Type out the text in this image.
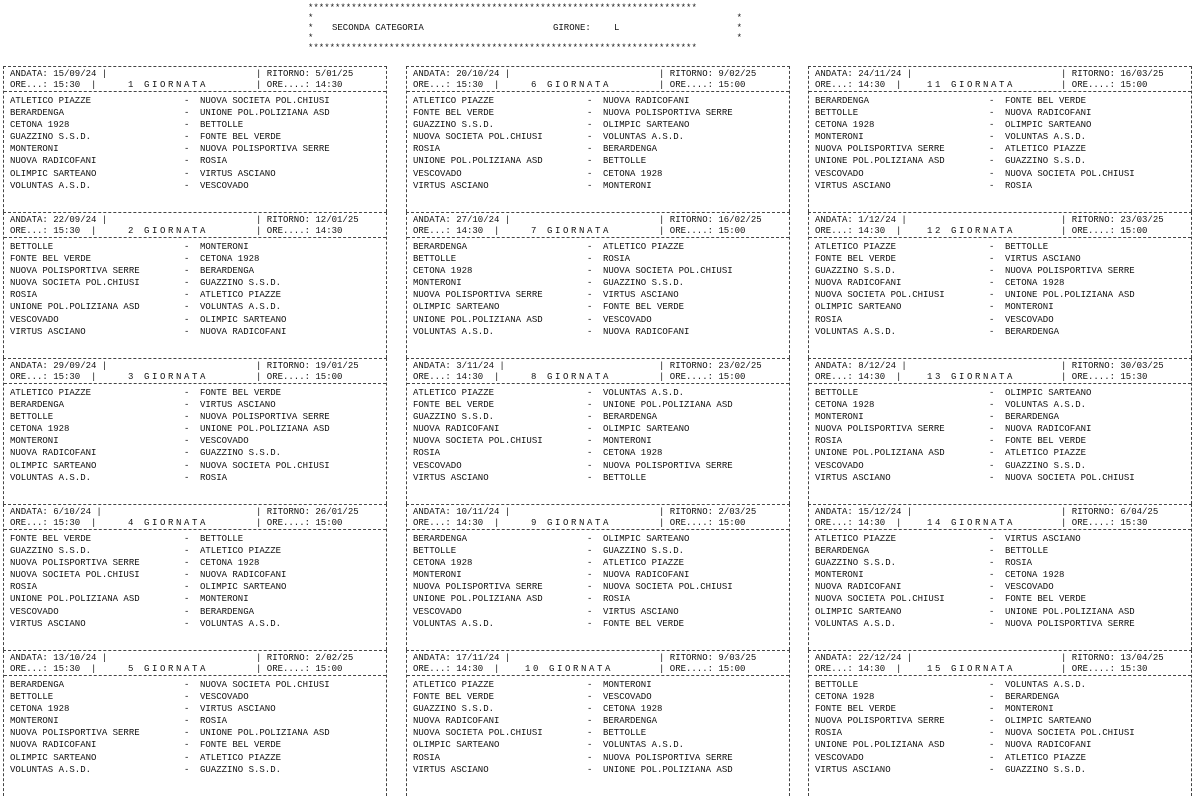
************************************************************************
*	*
* SECONDA CATEGORIA	GIRONE:	L	*
*	*
************************************************************************
ANDATA: 15/09/24 |	| RITORNO: 5/01/25
ORE...: 15:30  |	1 GIORNATA	| ORE....: 14:30
ATLETICO PIAZZE	- NUOVA SOCIETA POL.CHIUSI
BERARDENGA	- UNIONE POL.POLIZIANA ASD
CETONA 1928	- BETTOLLE
GUAZZINO S.S.D.	- FONTE BEL VERDE
MONTERONI	- NUOVA POLISPORTIVA SERRE
NUOVA RADICOFANI	- ROSIA
OLIMPIC SARTEANO	- VIRTUS ASCIANO
VOLUNTAS A.S.D.	- VESCOVADO
ANDATA: 22/09/24 |	| RITORNO: 12/01/25
ORE...: 15:30  |	2 GIORNATA	| ORE....: 14:30
BETTOLLE	- MONTERONI
FONTE BEL VERDE	- CETONA 1928
NUOVA POLISPORTIVA SERRE	- BERARDENGA
NUOVA SOCIETA POL.CHIUSI	- GUAZZINO S.S.D.
ROSIA	- ATLETICO PIAZZE
UNIONE POL.POLIZIANA ASD	- VOLUNTAS A.S.D.
VESCOVADO	- OLIMPIC SARTEANO
VIRTUS ASCIANO	- NUOVA RADICOFANI
ANDATA: 29/09/24 |	| RITORNO: 19/01/25
ORE...: 15:30  |	3 GIORNATA	| ORE....: 15:00
ATLETICO PIAZZE	- FONTE BEL VERDE
BERARDENGA	- VIRTUS ASCIANO
BETTOLLE	- NUOVA POLISPORTIVA SERRE
CETONA 1928	- UNIONE POL.POLIZIANA ASD
MONTERONI	- VESCOVADO
NUOVA RADICOFANI	- GUAZZINO S.S.D.
OLIMPIC SARTEANO	- NUOVA SOCIETA POL.CHIUSI
VOLUNTAS A.S.D.	- ROSIA
ANDATA: 6/10/24 |	| RITORNO: 26/01/25
ORE...: 15:30  |	4 GIORNATA	| ORE....: 15:00
FONTE BEL VERDE	- BETTOLLE
GUAZZINO S.S.D.	- ATLETICO PIAZZE
NUOVA POLISPORTIVA SERRE	- CETONA 1928
NUOVA SOCIETA POL.CHIUSI	- NUOVA RADICOFANI
ROSIA	- OLIMPIC SARTEANO
UNIONE POL.POLIZIANA ASD	- MONTERONI
VESCOVADO	- BERARDENGA
VIRTUS ASCIANO	- VOLUNTAS A.S.D.
ANDATA: 13/10/24 |	| RITORNO: 2/02/25
ORE...: 15:30  |	5 GIORNATA	| ORE....: 15:00
BERARDENGA	- NUOVA SOCIETA POL.CHIUSI
BETTOLLE	- VESCOVADO
CETONA 1928	- VIRTUS ASCIANO
MONTERONI	- ROSIA
NUOVA POLISPORTIVA SERRE	- UNIONE POL.POLIZIANA ASD
NUOVA RADICOFANI	- FONTE BEL VERDE
OLIMPIC SARTEANO	- ATLETICO PIAZZE
VOLUNTAS A.S.D.	- GUAZZINO S.S.D.
ANDATA: 20/10/24 |	| RITORNO: 9/02/25
ORE...: 15:30  |	6 GIORNATA	| ORE....: 15:00
ATLETICO PIAZZE	- NUOVA RADICOFANI
FONTE BEL VERDE	- NUOVA POLISPORTIVA SERRE
GUAZZINO S.S.D.	- OLIMPIC SARTEANO
NUOVA SOCIETA POL.CHIUSI	- VOLUNTAS A.S.D.
ROSIA	- BERARDENGA
UNIONE POL.POLIZIANA ASD	- BETTOLLE
VESCOVADO	- CETONA 1928
VIRTUS ASCIANO	- MONTERONI
ANDATA: 27/10/24 |	| RITORNO: 16/02/25
ORE...: 14:30  |	7 GIORNATA	| ORE....: 15:00
BERARDENGA	- ATLETICO PIAZZE
BETTOLLE	- ROSIA
CETONA 1928	- NUOVA SOCIETA POL.CHIUSI
MONTERONI	- GUAZZINO S.S.D.
NUOVA POLISPORTIVA SERRE	- VIRTUS ASCIANO
OLIMPIC SARTEANO	- FONTE BEL VERDE
UNIONE POL.POLIZIANA ASD	- VESCOVADO
VOLUNTAS A.S.D.	- NUOVA RADICOFANI
ANDATA: 3/11/24 |	| RITORNO: 23/02/25
ORE...: 14:30  |	8 GIORNATA	| ORE....: 15:00
ATLETICO PIAZZE	- VOLUNTAS A.S.D.
FONTE BEL VERDE	- UNIONE POL.POLIZIANA ASD
GUAZZINO S.S.D.	- BERARDENGA
NUOVA RADICOFANI	- OLIMPIC SARTEANO
NUOVA SOCIETA POL.CHIUSI	- MONTERONI
ROSIA	- CETONA 1928
VESCOVADO	- NUOVA POLISPORTIVA SERRE
VIRTUS ASCIANO	- BETTOLLE
ANDATA: 10/11/24 |	| RITORNO: 2/03/25
ORE...: 14:30  |	9 GIORNATA	| ORE....: 15:00
BERARDENGA	- OLIMPIC SARTEANO
BETTOLLE	- GUAZZINO S.S.D.
CETONA 1928	- ATLETICO PIAZZE
MONTERONI	- NUOVA RADICOFANI
NUOVA POLISPORTIVA SERRE	- NUOVA SOCIETA POL.CHIUSI
UNIONE POL.POLIZIANA ASD	- ROSIA
VESCOVADO	- VIRTUS ASCIANO
VOLUNTAS A.S.D.	- FONTE BEL VERDE
ANDATA: 17/11/24 |	| RITORNO: 9/03/25
ORE...: 14:30  |	10 GIORNATA	| ORE....: 15:00
ATLETICO PIAZZE	- MONTERONI
FONTE BEL VERDE	- VESCOVADO
GUAZZINO S.S.D.	- CETONA 1928
NUOVA RADICOFANI	- BERARDENGA
NUOVA SOCIETA POL.CHIUSI	- BETTOLLE
OLIMPIC SARTEANO	- VOLUNTAS A.S.D.
ROSIA	- NUOVA POLISPORTIVA SERRE
VIRTUS ASCIANO	- UNIONE POL.POLIZIANA ASD
ANDATA: 24/11/24 |	| RITORNO: 16/03/25
ORE...: 14:30  |	11 GIORNATA	| ORE....: 15:00
BERARDENGA	- FONTE BEL VERDE
BETTOLLE	- NUOVA RADICOFANI
CETONA 1928	- OLIMPIC SARTEANO
MONTERONI	- VOLUNTAS A.S.D.
NUOVA POLISPORTIVA SERRE	- ATLETICO PIAZZE
UNIONE POL.POLIZIANA ASD	- GUAZZINO S.S.D.
VESCOVADO	- NUOVA SOCIETA POL.CHIUSI
VIRTUS ASCIANO	- ROSIA
ANDATA: 1/12/24 |	| RITORNO: 23/03/25
ORE...: 14:30  |	12 GIORNATA	| ORE....: 15:00
ATLETICO PIAZZE	- BETTOLLE
FONTE BEL VERDE	- VIRTUS ASCIANO
GUAZZINO S.S.D.	- NUOVA POLISPORTIVA SERRE
NUOVA RADICOFANI	- CETONA 1928
NUOVA SOCIETA POL.CHIUSI	- UNIONE POL.POLIZIANA ASD
OLIMPIC SARTEANO	- MONTERONI
ROSIA	- VESCOVADO
VOLUNTAS A.S.D.	- BERARDENGA
ANDATA: 8/12/24 |	| RITORNO: 30/03/25
ORE...: 14:30  |	13 GIORNATA	| ORE....: 15:30
BETTOLLE	- OLIMPIC SARTEANO
CETONA 1928	- VOLUNTAS A.S.D.
MONTERONI	- BERARDENGA
NUOVA POLISPORTIVA SERRE	- NUOVA RADICOFANI
ROSIA	- FONTE BEL VERDE
UNIONE POL.POLIZIANA ASD	- ATLETICO PIAZZE
VESCOVADO	- GUAZZINO S.S.D.
VIRTUS ASCIANO	- NUOVA SOCIETA POL.CHIUSI
ANDATA: 15/12/24 |	| RITORNO: 6/04/25
ORE...: 14:30  |	14 GIORNATA	| ORE....: 15:30
ATLETICO PIAZZE	- VIRTUS ASCIANO
BERARDENGA	- BETTOLLE
GUAZZINO S.S.D.	- ROSIA
MONTERONI	- CETONA 1928
NUOVA RADICOFANI	- VESCOVADO
NUOVA SOCIETA POL.CHIUSI	- FONTE BEL VERDE
OLIMPIC SARTEANO	- UNIONE POL.POLIZIANA ASD
VOLUNTAS A.S.D.	- NUOVA POLISPORTIVA SERRE
ANDATA: 22/12/24 |	| RITORNO: 13/04/25
ORE...: 14:30  |	15 GIORNATA	| ORE....: 15:30
BETTOLLE	- VOLUNTAS A.S.D.
CETONA 1928	- BERARDENGA
FONTE BEL VERDE	- MONTERONI
NUOVA POLISPORTIVA SERRE	- OLIMPIC SARTEANO
ROSIA	- NUOVA SOCIETA POL.CHIUSI
UNIONE POL.POLIZIANA ASD	- NUOVA RADICOFANI
VESCOVADO	- ATLETICO PIAZZE
VIRTUS ASCIANO	- GUAZZINO S.S.D.
